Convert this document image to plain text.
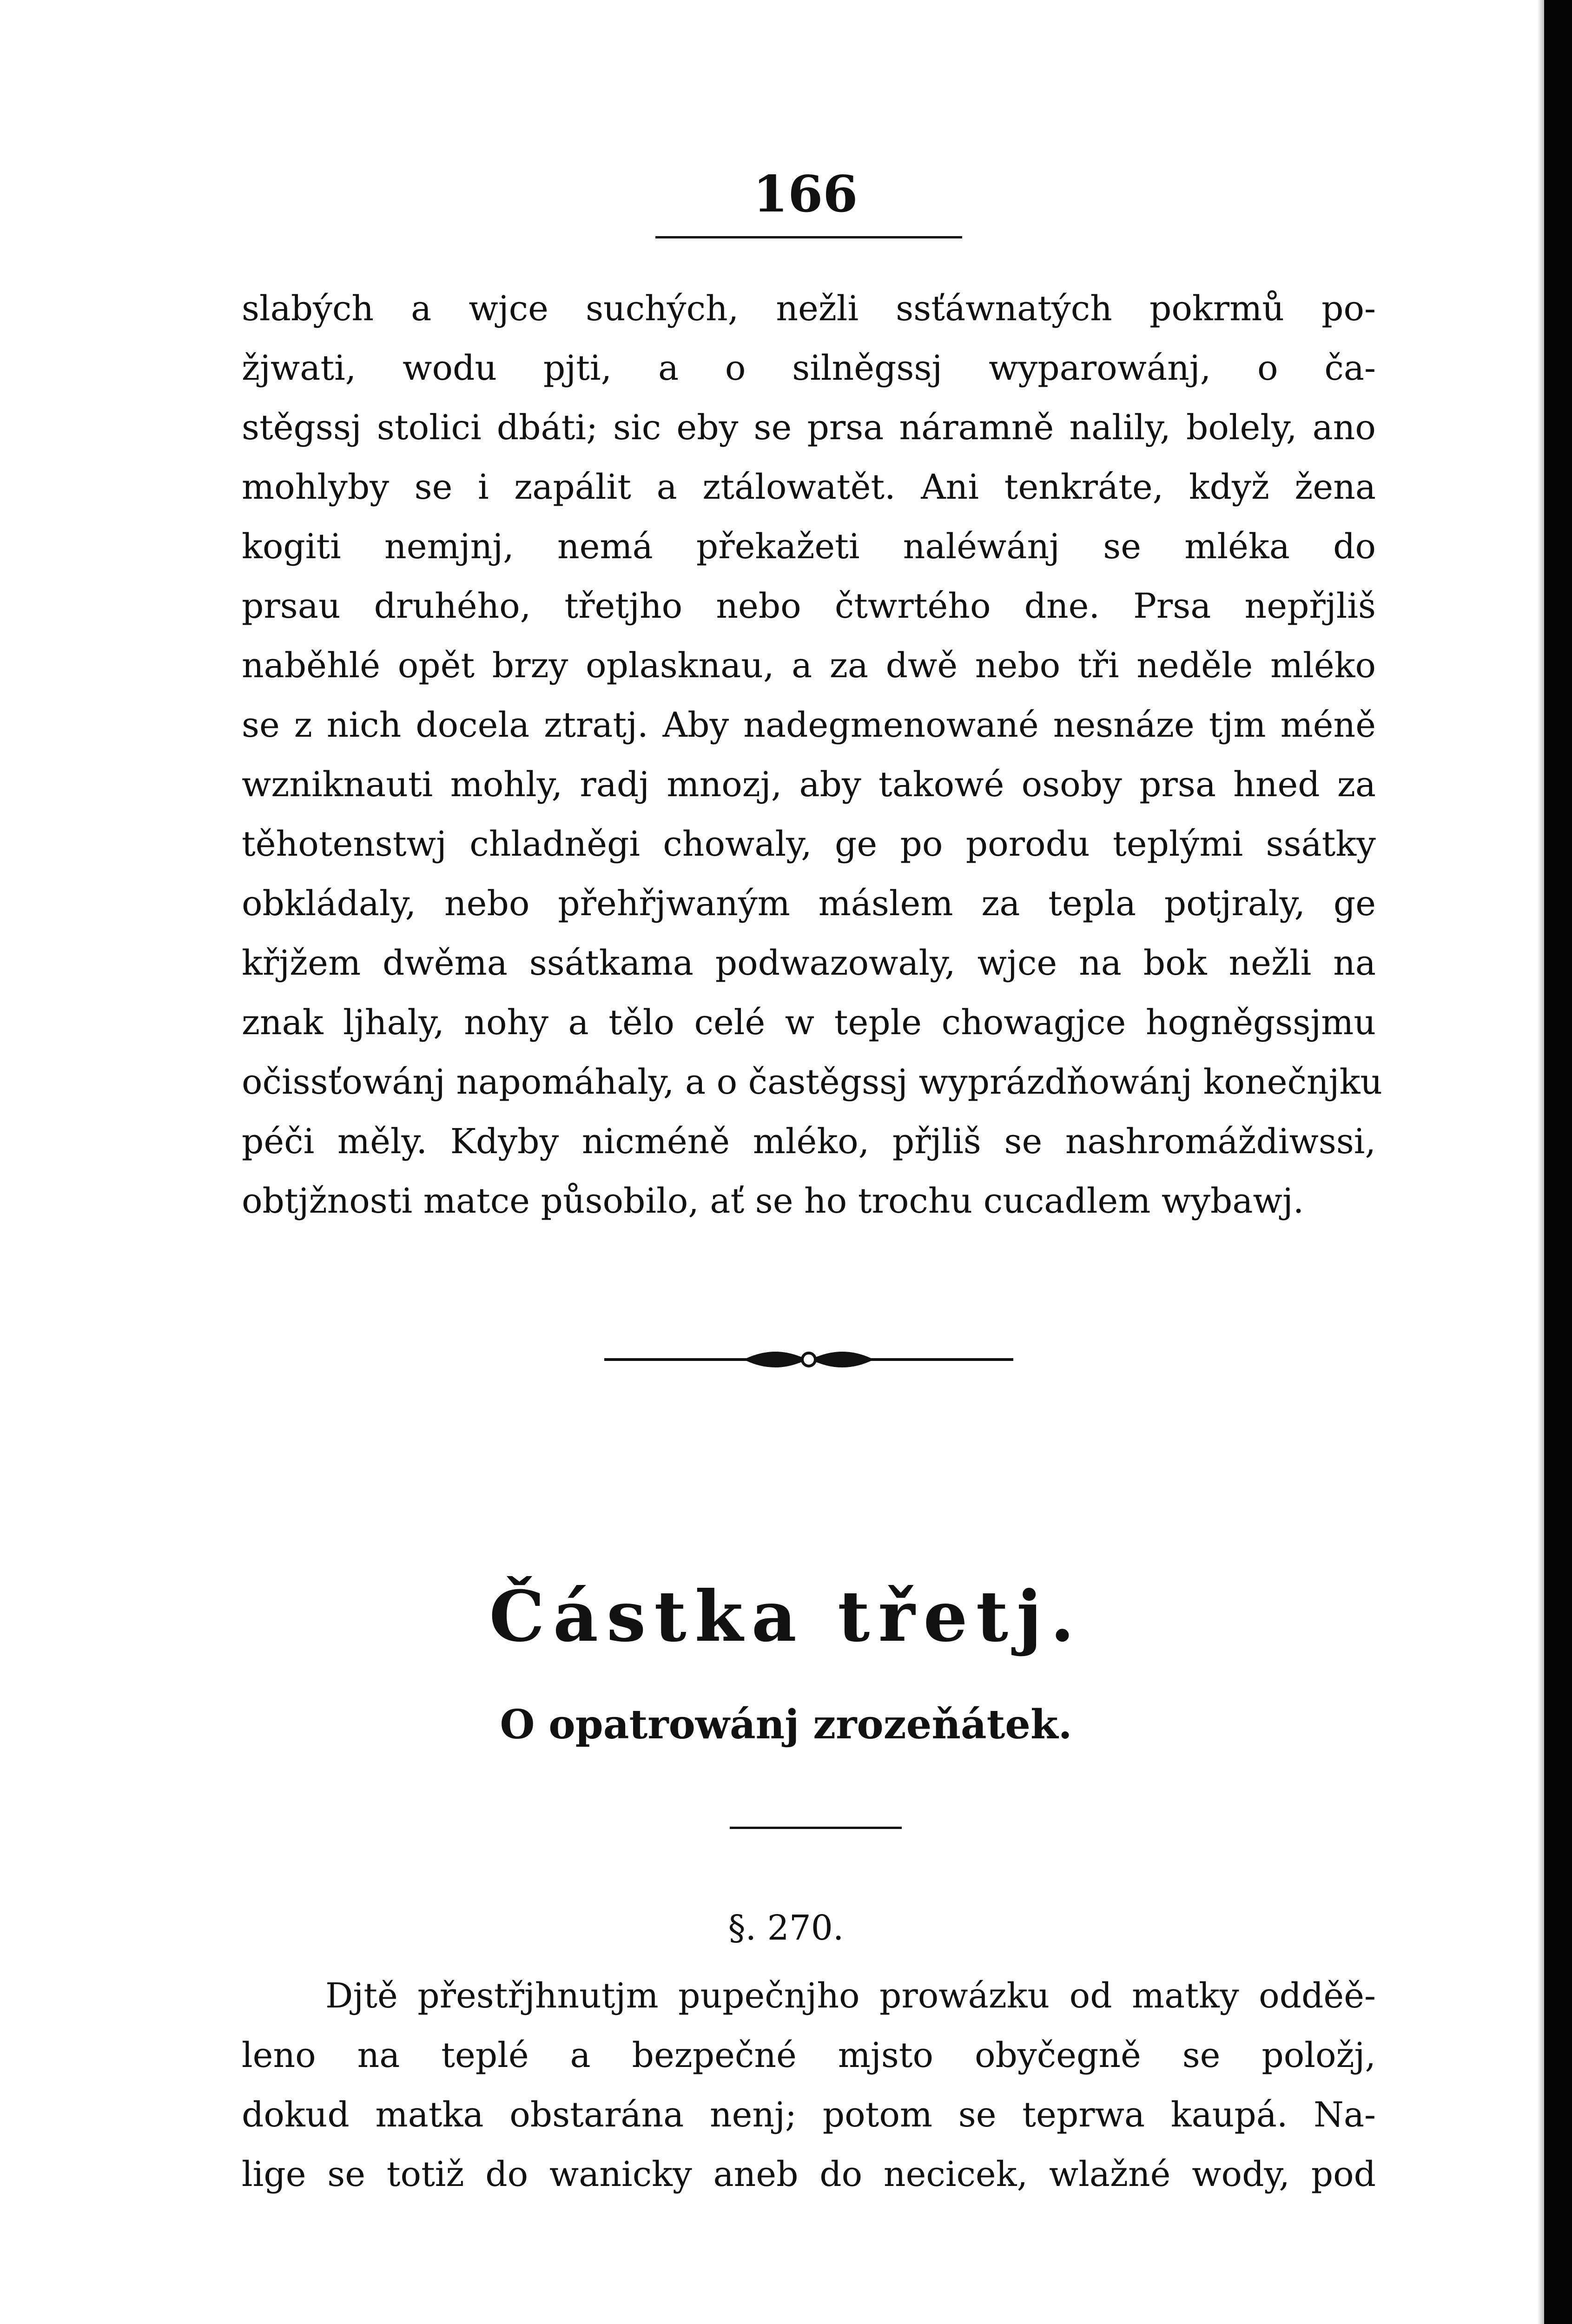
166
slabých a wjce suchých, nežli ssťáwnatých pokrmů po-
žjwati, wodu pjti, a o silněgssj wyparowánj, o ča-
stěgssj stolici dbáti; sic eby se prsa náramně nalily, bolely, ano
mohlyby se i zapálit a ztálowatět. Ani tenkráte, když žena
kogiti nemjnj, nemá překažeti naléwánj se mléka do
prsau druhého, třetjho nebo čtwrtého dne. Prsa nepřjliš
naběhlé opět brzy oplasknau, a za dwě nebo tři neděle mléko
se z nich docela ztratj. Aby nadegmenowané nesnáze tjm méně
wzniknauti mohly, radj mnozj, aby takowé osoby prsa hned za
těhotenstwj chladněgi chowaly, ge po porodu teplými ssátky
obkládaly, nebo přehřjwaným máslem za tepla potjraly, ge
křjžem dwěma ssátkama podwazowaly, wjce na bok nežli na
znak ljhaly, nohy a tělo celé w teple chowagjce hogněgssjmu
očissťowánj napomáhaly, a o častěgssj wyprázdňowánj konečnjku
péči měly. Kdyby nicméně mléko, přjliš se nashromáždiwssi,
obtjžnosti matce působilo, ať se ho trochu cucadlem wybawj.
Částka třetj.
O opatrowánj zrozeňátek.
§. 270.
Djtě přestřjhnutjm pupečnjho prowázku od matky odděě-
leno na teplé a bezpečné mjsto obyčegně se položj,
dokud matka obstarána nenj; potom se teprwa kaupá. Na-
lige se totiž do wanicky aneb do necicek, wlažné wody, pod
